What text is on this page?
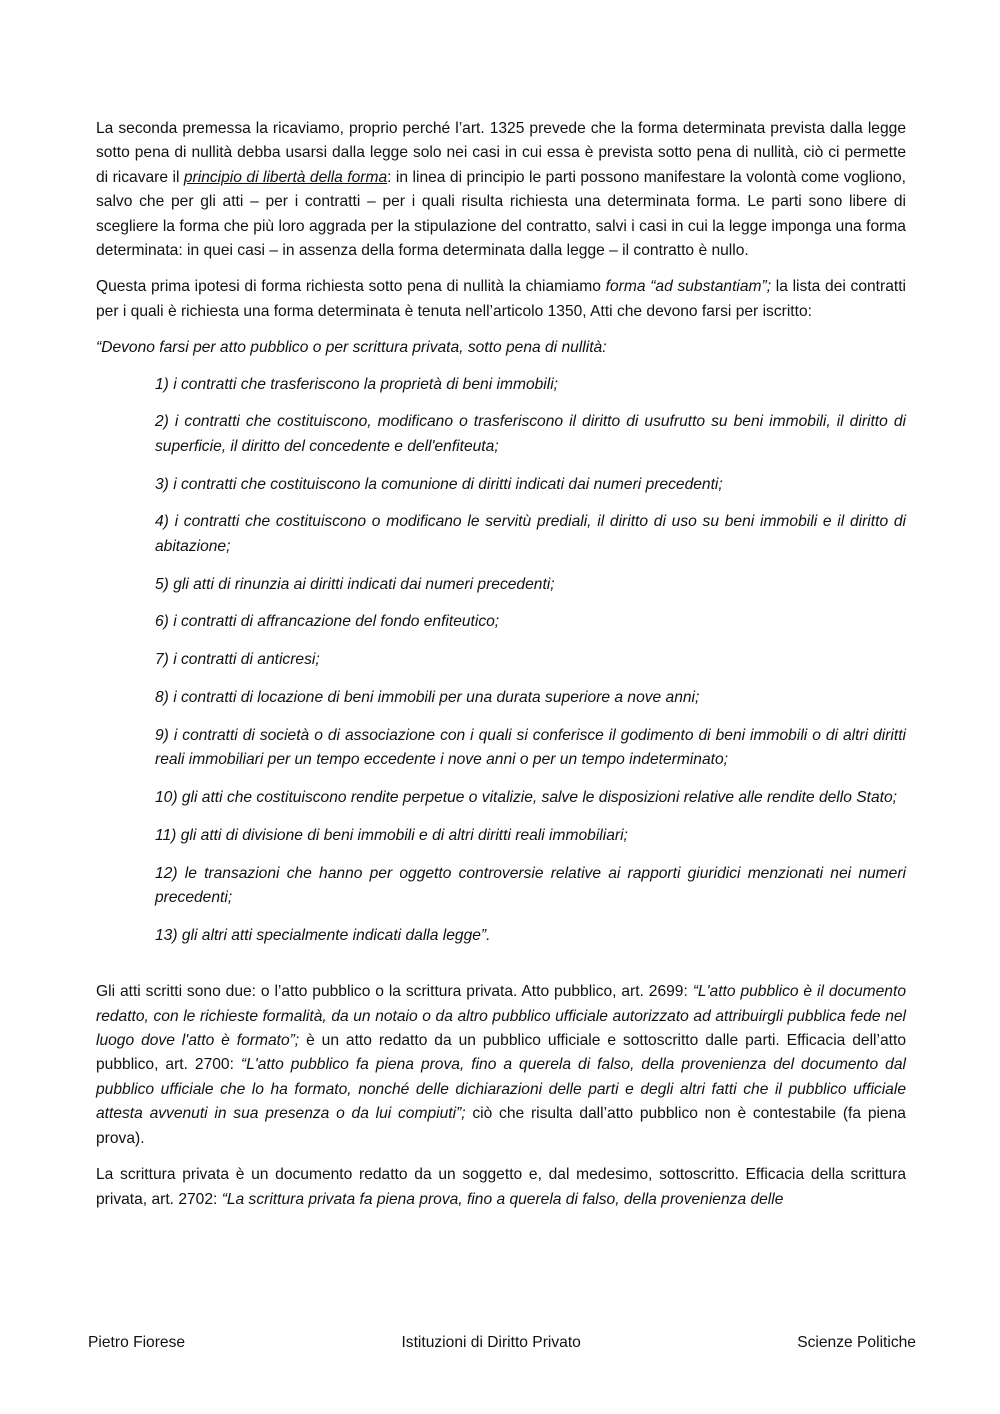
La seconda premessa la ricaviamo, proprio perché l’art. 1325 prevede che la forma determinata prevista dalla legge sotto pena di nullità debba usarsi dalla legge solo nei casi in cui essa è prevista sotto pena di nullità, ciò ci permette di ricavare il principio di libertà della forma: in linea di principio le parti possono manifestare la volontà come vogliono, salvo che per gli atti – per i contratti – per i quali risulta richiesta una determinata forma. Le parti sono libere di scegliere la forma che più loro aggrada per la stipulazione del contratto, salvi i casi in cui la legge imponga una forma determinata: in quei casi – in assenza della forma determinata dalla legge – il contratto è nullo.

Questa prima ipotesi di forma richiesta sotto pena di nullità la chiamiamo forma “ad substantiam”; la lista dei contratti per i quali è richiesta una forma determinata è tenuta nell’articolo 1350, Atti che devono farsi per iscritto:

“Devono farsi per atto pubblico o per scrittura privata, sotto pena di nullità:

1) i contratti che trasferiscono la proprietà di beni immobili;

2) i contratti che costituiscono, modificano o trasferiscono il diritto di usufrutto su beni immobili, il diritto di superficie, il diritto del concedente e dell'enfiteuta;

3) i contratti che costituiscono la comunione di diritti indicati dai numeri precedenti;

4) i contratti che costituiscono o modificano le servitù prediali, il diritto di uso su beni immobili e il diritto di abitazione;

5) gli atti di rinunzia ai diritti indicati dai numeri precedenti;

6) i contratti di affrancazione del fondo enfiteutico;

7) i contratti di anticresi;

8) i contratti di locazione di beni immobili per una durata superiore a nove anni;

9) i contratti di società o di associazione con i quali si conferisce il godimento di beni immobili o di altri diritti reali immobiliari per un tempo eccedente i nove anni o per un tempo indeterminato;

10) gli atti che costituiscono rendite perpetue o vitalizie, salve le disposizioni relative alle rendite dello Stato;

11) gli atti di divisione di beni immobili e di altri diritti reali immobiliari;

12) le transazioni che hanno per oggetto controversie relative ai rapporti giuridici menzionati nei numeri precedenti;

13) gli altri atti specialmente indicati dalla legge”.

Gli atti scritti sono due: o l’atto pubblico o la scrittura privata. Atto pubblico, art. 2699: “L'atto pubblico è il documento redatto, con le richieste formalità, da un notaio o da altro pubblico ufficiale autorizzato ad attribuirgli pubblica fede nel luogo dove l'atto è formato”; è un atto redatto da un pubblico ufficiale e sottoscritto dalle parti. Efficacia dell’atto pubblico, art. 2700: “L'atto pubblico fa piena prova, fino a querela di falso, della provenienza del documento dal pubblico ufficiale che lo ha formato, nonché delle dichiarazioni delle parti e degli altri fatti che il pubblico ufficiale attesta avvenuti in sua presenza o da lui compiuti”; ciò che risulta dall’atto pubblico non è contestabile (fa piena prova).

La scrittura privata è un documento redatto da un soggetto e, dal medesimo, sottoscritto. Efficacia della scrittura privata, art. 2702: “La scrittura privata fa piena prova, fino a querela di falso, della provenienza delle

Pietro Fiorese	Istituzioni di Diritto Privato	Scienze Politiche
